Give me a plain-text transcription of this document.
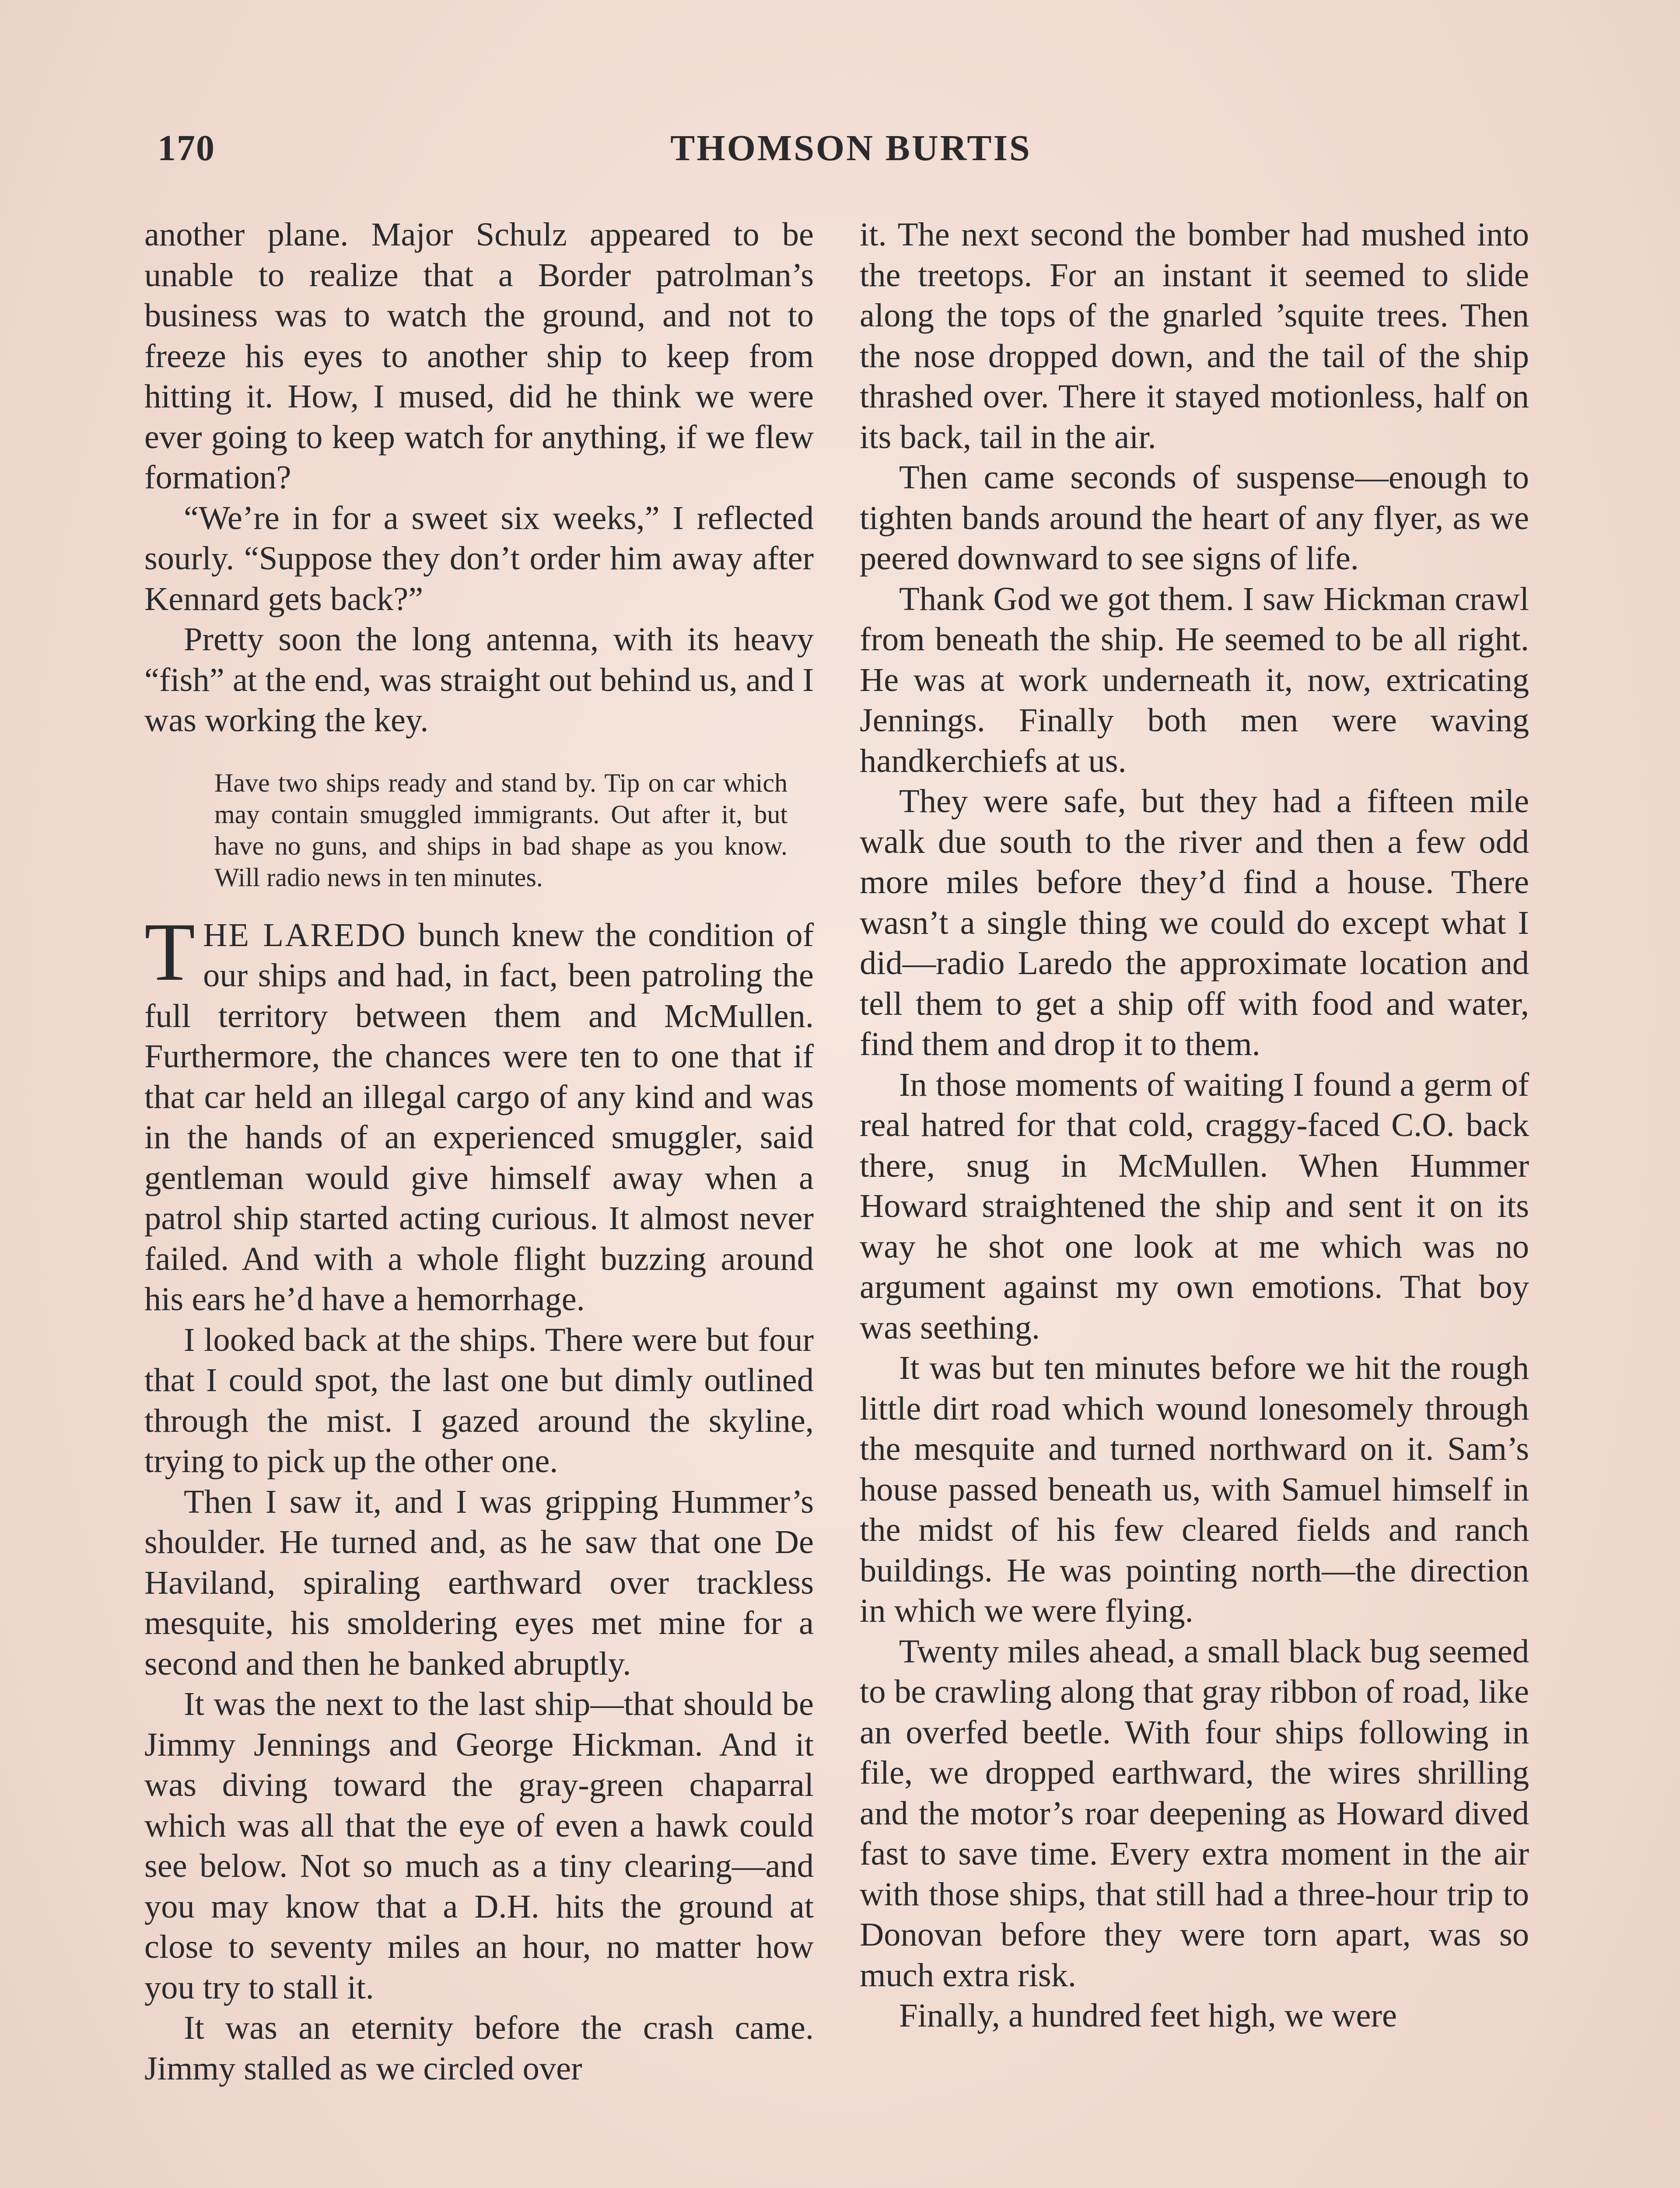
170	THOMSON BURTIS

another plane. Major Schulz appeared to be unable to realize that a Border patrolman’s business was to watch the ground, and not to freeze his eyes to another ship to keep from hitting it. How, I mused, did he think we were ever going to keep watch for anything, if we flew formation?

“We’re in for a sweet six weeks,” I reflected sourly. “Suppose they don’t order him away after Kennard gets back?”

Pretty soon the long antenna, with its heavy “fish” at the end, was straight out behind us, and I was working the key.

Have two ships ready and stand by. Tip on car which may contain smuggled immigrants. Out after it, but have no guns, and ships in bad shape as you know. Will radio news in ten minutes.

THE LAREDO bunch knew the condition of our ships and had, in fact, been patroling the full territory between them and McMullen. Furthermore, the chances were ten to one that if that car held an illegal cargo of any kind and was in the hands of an experienced smuggler, said gentleman would give himself away when a patrol ship started acting curious. It almost never failed. And with a whole flight buzzing around his ears he’d have a hemorrhage.

I looked back at the ships. There were but four that I could spot, the last one but dimly outlined through the mist. I gazed around the skyline, trying to pick up the other one.

Then I saw it, and I was gripping Hummer’s shoulder. He turned and, as he saw that one De Haviland, spiraling earthward over trackless mesquite, his smoldering eyes met mine for a second and then he banked abruptly.

It was the next to the last ship—that should be Jimmy Jennings and George Hickman. And it was diving toward the gray-green chaparral which was all that the eye of even a hawk could see below. Not so much as a tiny clearing—and you may know that a D.H. hits the ground at close to seventy miles an hour, no matter how you try to stall it.

It was an eternity before the crash came. Jimmy stalled as we circled over

it. The next second the bomber had mushed into the treetops. For an instant it seemed to slide along the tops of the gnarled ’squite trees. Then the nose dropped down, and the tail of the ship thrashed over. There it stayed motionless, half on its back, tail in the air.

Then came seconds of suspense—enough to tighten bands around the heart of any flyer, as we peered downward to see signs of life.

Thank God we got them. I saw Hickman crawl from beneath the ship. He seemed to be all right. He was at work underneath it, now, extricating Jennings. Finally both men were waving handkerchiefs at us.

They were safe, but they had a fifteen mile walk due south to the river and then a few odd more miles before they’d find a house. There wasn’t a single thing we could do except what I did—radio Laredo the approximate location and tell them to get a ship off with food and water, find them and drop it to them.

In those moments of waiting I found a germ of real hatred for that cold, craggy-faced C.O. back there, snug in McMullen. When Hummer Howard straightened the ship and sent it on its way he shot one look at me which was no argument against my own emotions. That boy was seething.

It was but ten minutes before we hit the rough little dirt road which wound lonesomely through the mesquite and turned northward on it. Sam’s house passed beneath us, with Samuel himself in the midst of his few cleared fields and ranch buildings. He was pointing north—the direction in which we were flying.

Twenty miles ahead, a small black bug seemed to be crawling along that gray ribbon of road, like an overfed beetle. With four ships following in file, we dropped earthward, the wires shrilling and the motor’s roar deepening as Howard dived fast to save time. Every extra moment in the air with those ships, that still had a three-hour trip to Donovan before they were torn apart, was so much extra risk.

Finally, a hundred feet high, we were
